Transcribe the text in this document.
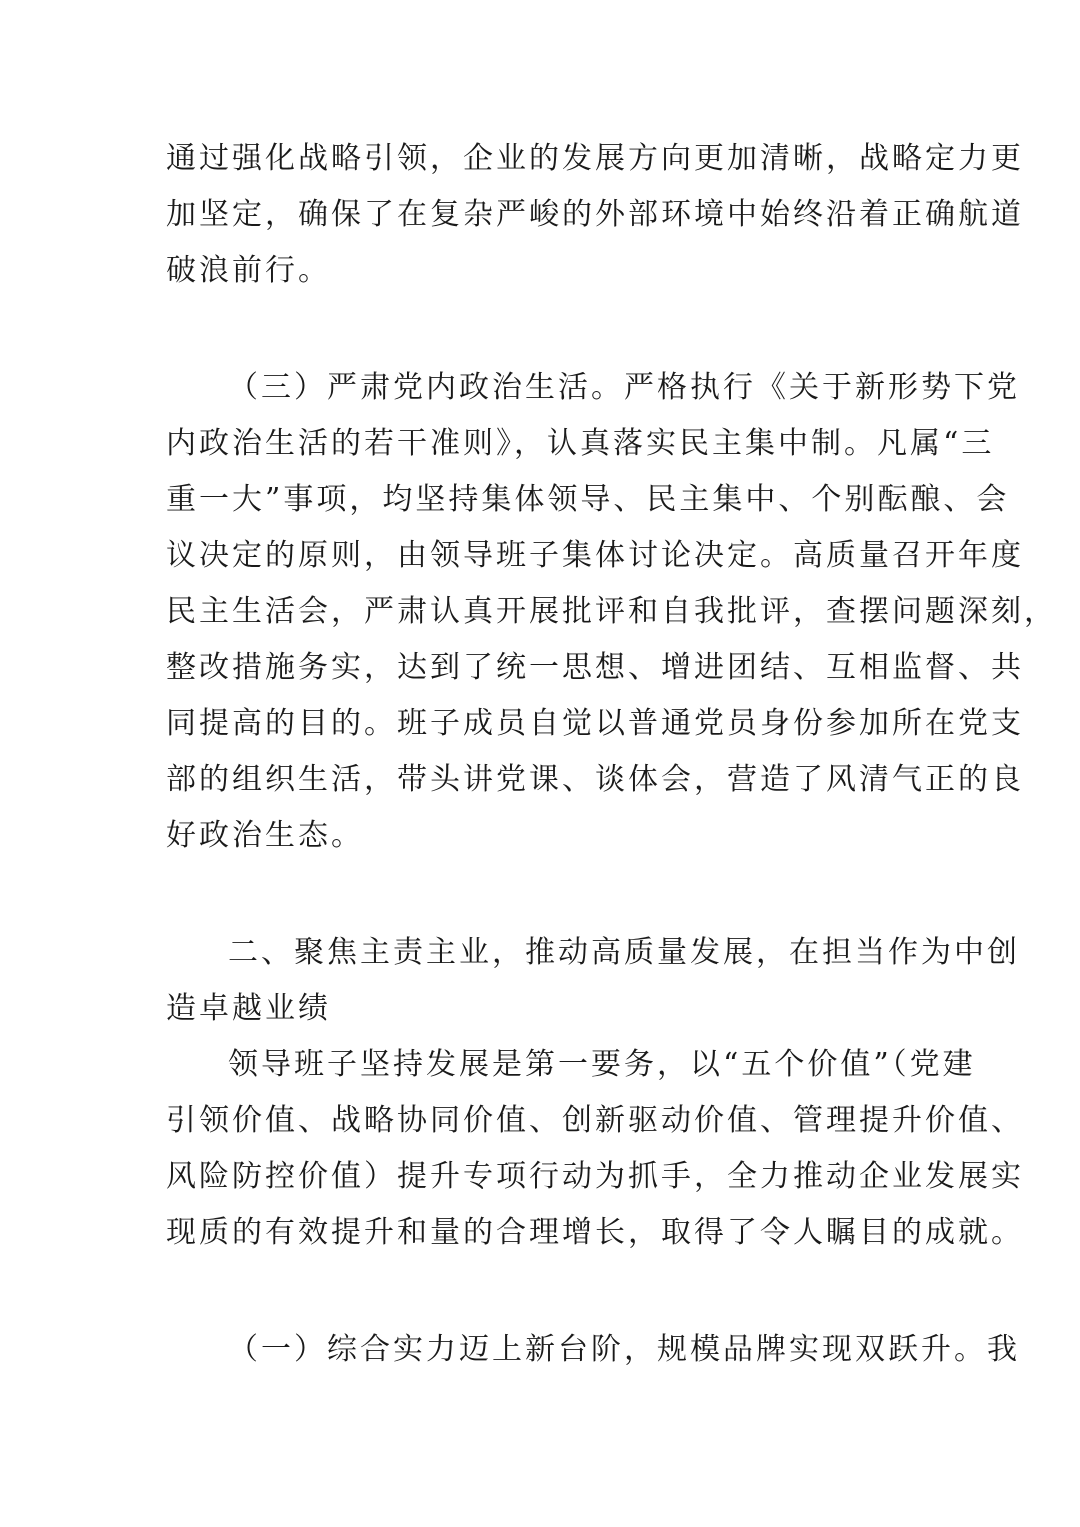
通过强化战略引领，企业的发展方向更加清晰，战略定力更
加坚定，确保了在复杂严峻的外部环境中始终沿着正确航道
破浪前行。
（三）严肃党内政治生活。严格执行《关于新形势下党
内政治生活的若干准则》，认真落实民主集中制。凡属“三
重一大”事项，均坚持集体领导、民主集中、个别酝酿、会
议决定的原则，由领导班子集体讨论决定。高质量召开年度
民主生活会，严肃认真开展批评和自我批评，查摆问题深刻，
整改措施务实，达到了统一思想、增进团结、互相监督、共
同提高的目的。班子成员自觉以普通党员身份参加所在党支
部的组织生活，带头讲党课、谈体会，营造了风清气正的良
好政治生态。
二、聚焦主责主业，推动高质量发展，在担当作为中创
造卓越业绩
领导班子坚持发展是第一要务，以“五个价值”（党建
引领价值、战略协同价值、创新驱动价值、管理提升价值、
风险防控价值）提升专项行动为抓手，全力推动企业发展实
现质的有效提升和量的合理增长，取得了令人瞩目的成就。
（一）综合实力迈上新台阶，规模品牌实现双跃升。我
